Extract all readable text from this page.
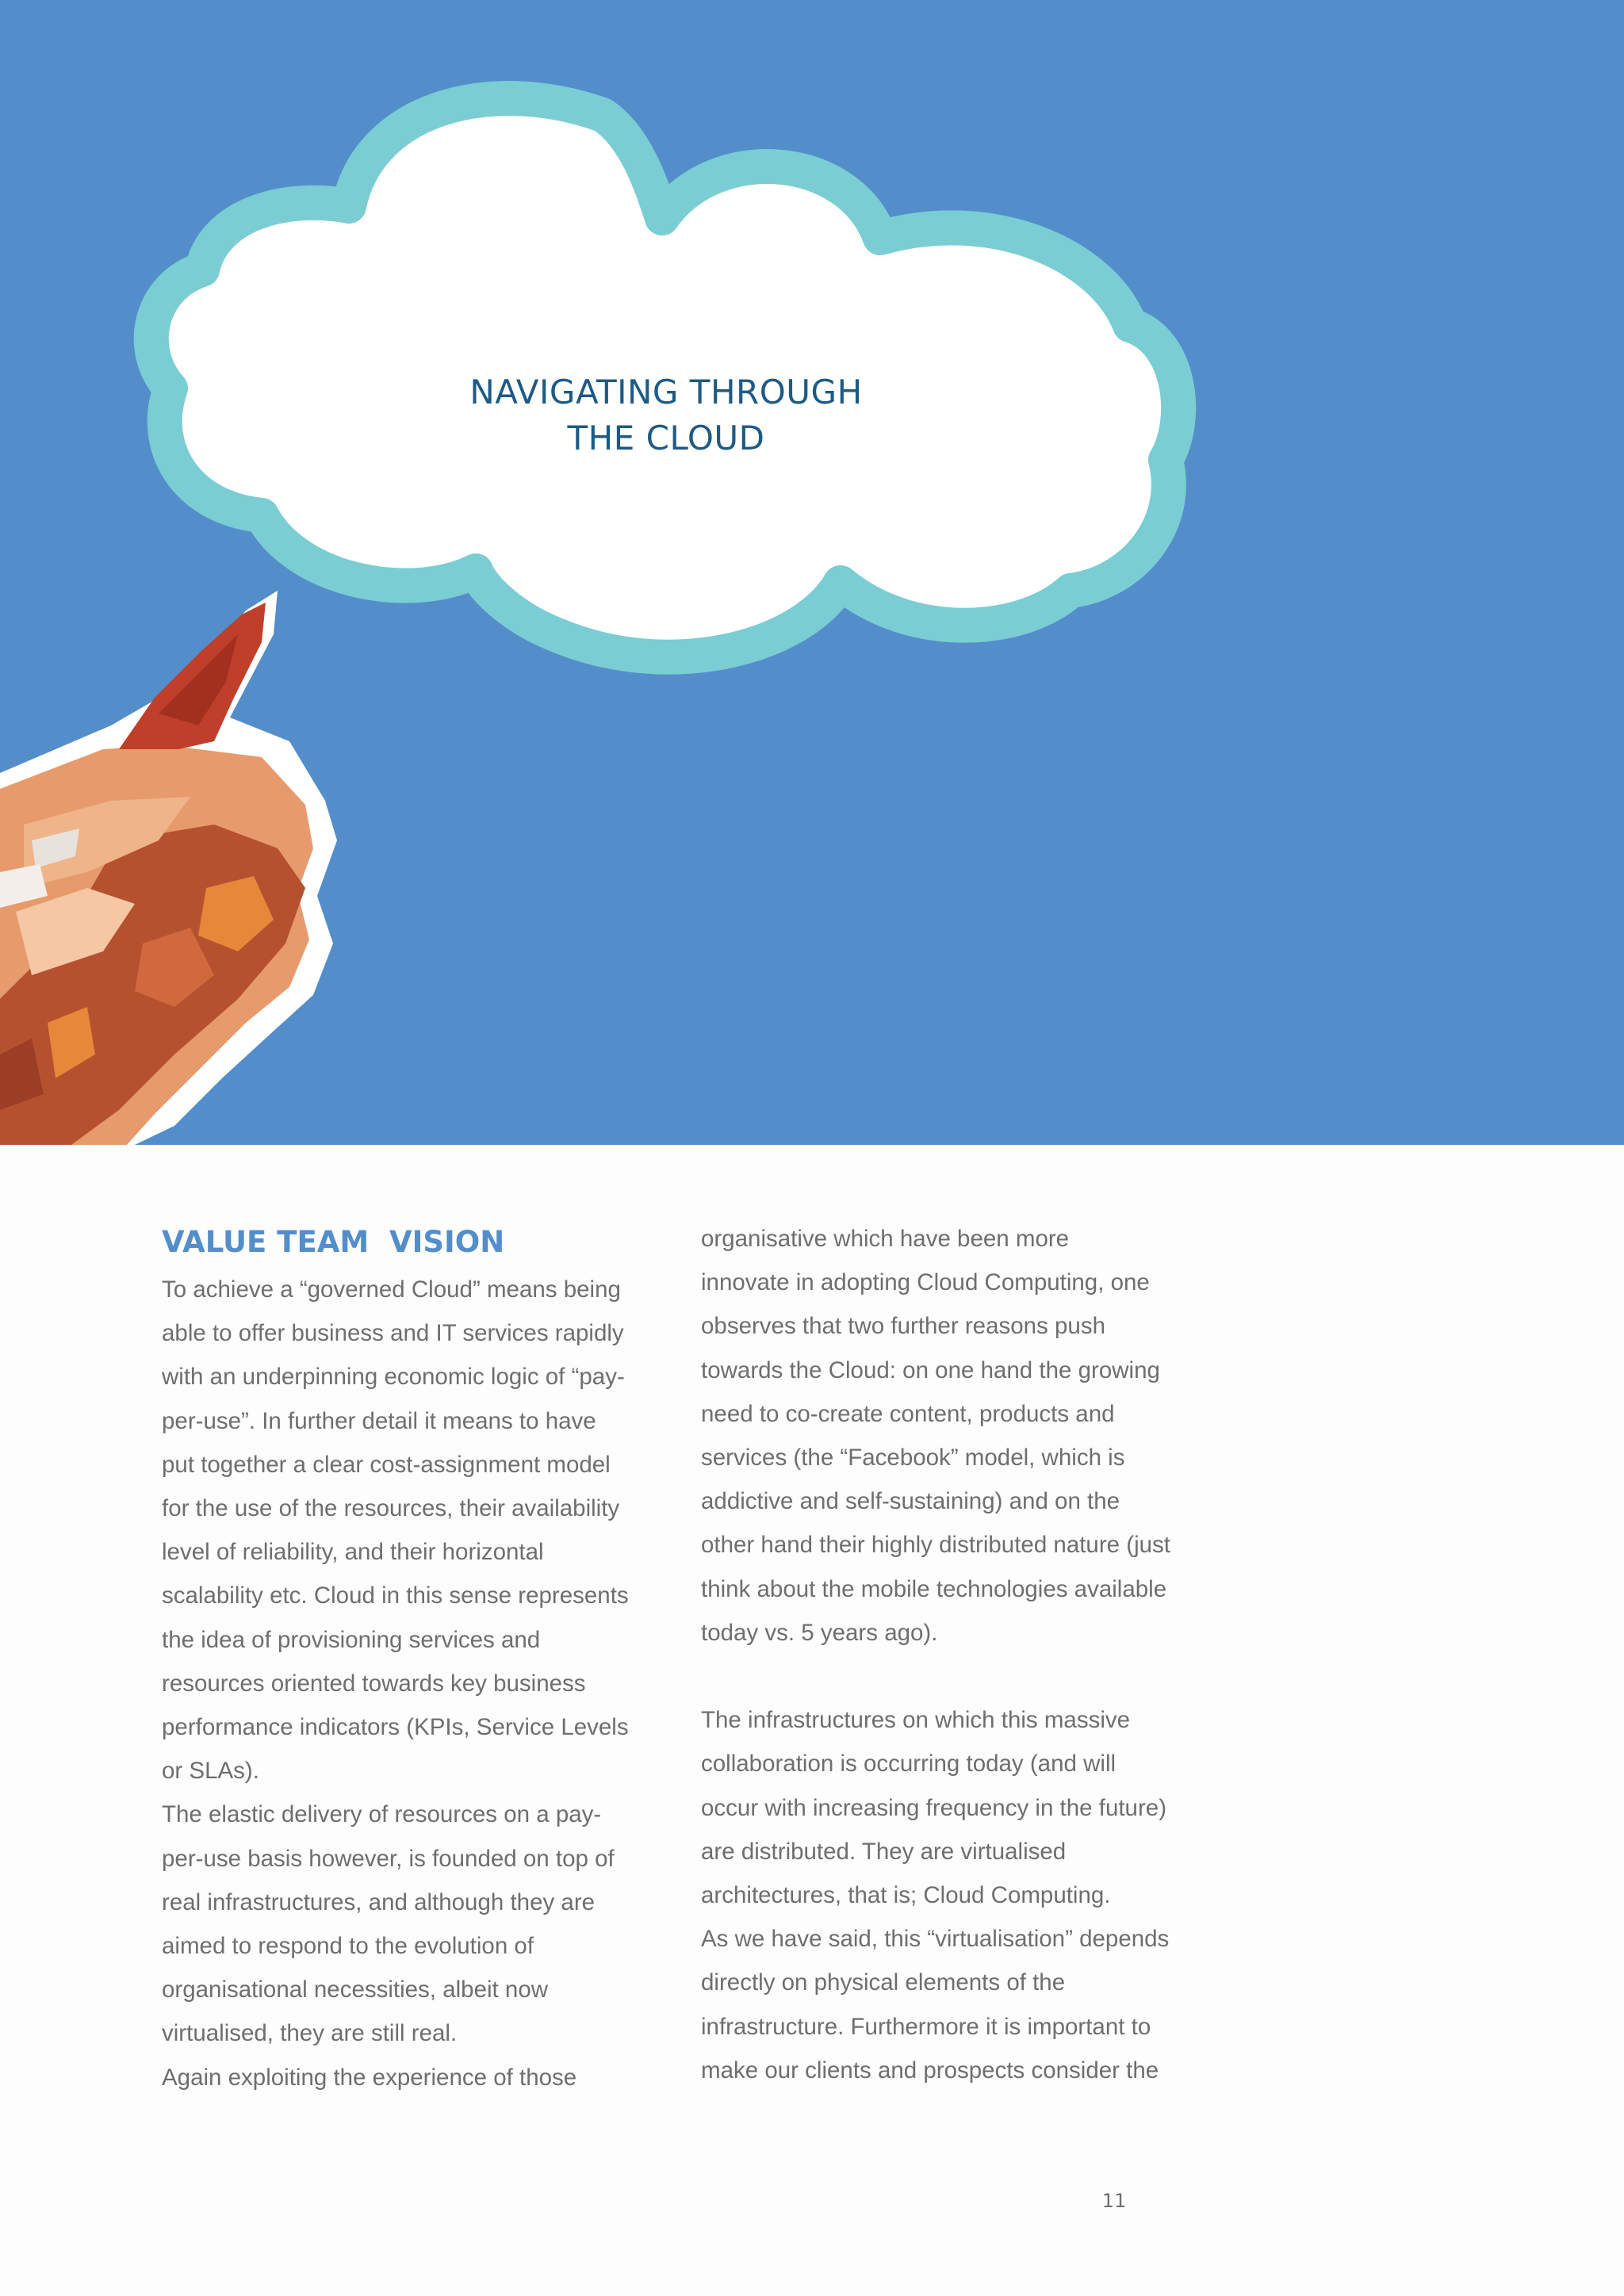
NAVIGATING THROUGH
THE CLOUD
VALUE TEAM  VISION

To achieve a “governed Cloud” means being

able to offer business and IT services rapidly

with an underpinning economic logic of “pay-

per-use”. In further detail it means to have

put together a clear cost-assignment model

for the use of the resources, their availability

level of reliability, and their horizontal

scalability etc. Cloud in this sense represents

the idea of provisioning services and

resources oriented towards key business

performance indicators (KPIs, Service Levels

or SLAs).

The elastic delivery of resources on a pay-

per-use basis however, is founded on top of

real infrastructures, and although they are

aimed to respond to the evolution of

organisational necessities, albeit now

virtualised, they are still real.

Again exploiting the experience of those

organisative which have been more

innovate in adopting Cloud Computing, one

observes that two further reasons push

towards the Cloud: on one hand the growing

need to co-create content, products and

services (the “Facebook” model, which is

addictive and self-sustaining) and on the

other hand their highly distributed nature (just

think about the mobile technologies available

today vs. 5 years ago).

The infrastructures on which this massive

collaboration is occurring today (and will

occur with increasing frequency in the future)

are distributed. They are virtualised

architectures, that is; Cloud Computing.

As we have said, this “virtualisation” depends

directly on physical elements of the

infrastructure. Furthermore it is important to

make our clients and prospects consider the

11
